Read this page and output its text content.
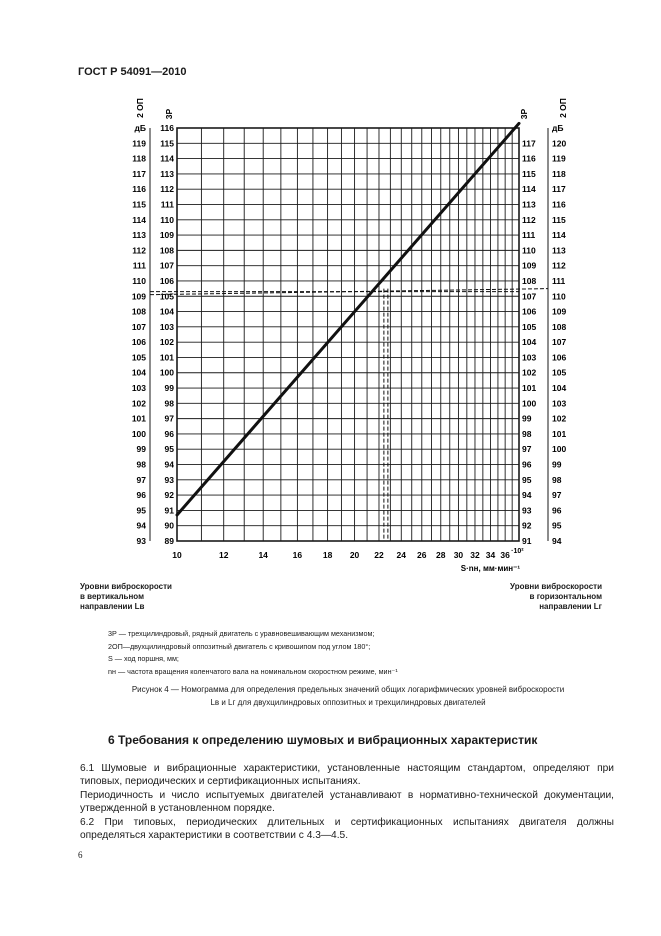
ГОСТ Р 54091—2010
93
94
95
96
97
98
99
100
101
102
103
104
105
106
107
108
109
110
111
112
113
114
115
116
117
118
119
89
90
91
92
93
94
95
96
97
98
99
100
101
102
103
104
105
106
107
108
109
110
111
112
113
114
115
116
91
92
93
94
95
96
97
98
99
100
101
102
103
104
105
106
107
108
109
110
111
112
113
114
115
116
117
94
95
96
97
98
99
100
101
102
103
104
105
106
107
108
109
110
111
112
113
114
115
116
117
118
119
120
дБ	дБ
2 ОП 3Р	3Р	2 ОП
10	12	14	16 18 20 22 24 26 28 30 32 34 36 ·10²
S·nн, мм·мин⁻¹
Уровни виброскорости
в вертикальном
направлении Lв
Уровни виброскорости
в горизонтальном
направлении Lг
3Р — трехцилиндровый, рядный двигатель с уравновешивающим механизмом;
2ОП—двухцилиндровый оппозитный двигатель с кривошипом под углом 180°;
S — ход поршня, мм;
nн — частота вращения коленчатого вала на номинальном скоростном режиме, мин⁻¹
Рисунок 4 — Номограмма для определения предельных значений общих логарифмических уровней виброскорости
Lв и Lг для двухцилиндровых оппозитных и трехцилиндровых двигателей
6 Требования к определению шумовых и вибрационных характеристик
6.1 Шумовые и вибрационные характеристики, установленные настоящим стандартом, определяют при типовых, периодических и сертификационных испытаниях.
Периодичность и число испытуемых двигателей устанавливают в нормативно-технической документации, утвержденной в установленном порядке.
6.2 При типовых, периодических длительных и сертификационных испытаниях двигателя должны определяться характеристики в соответствии с 4.3—4.5.
6
